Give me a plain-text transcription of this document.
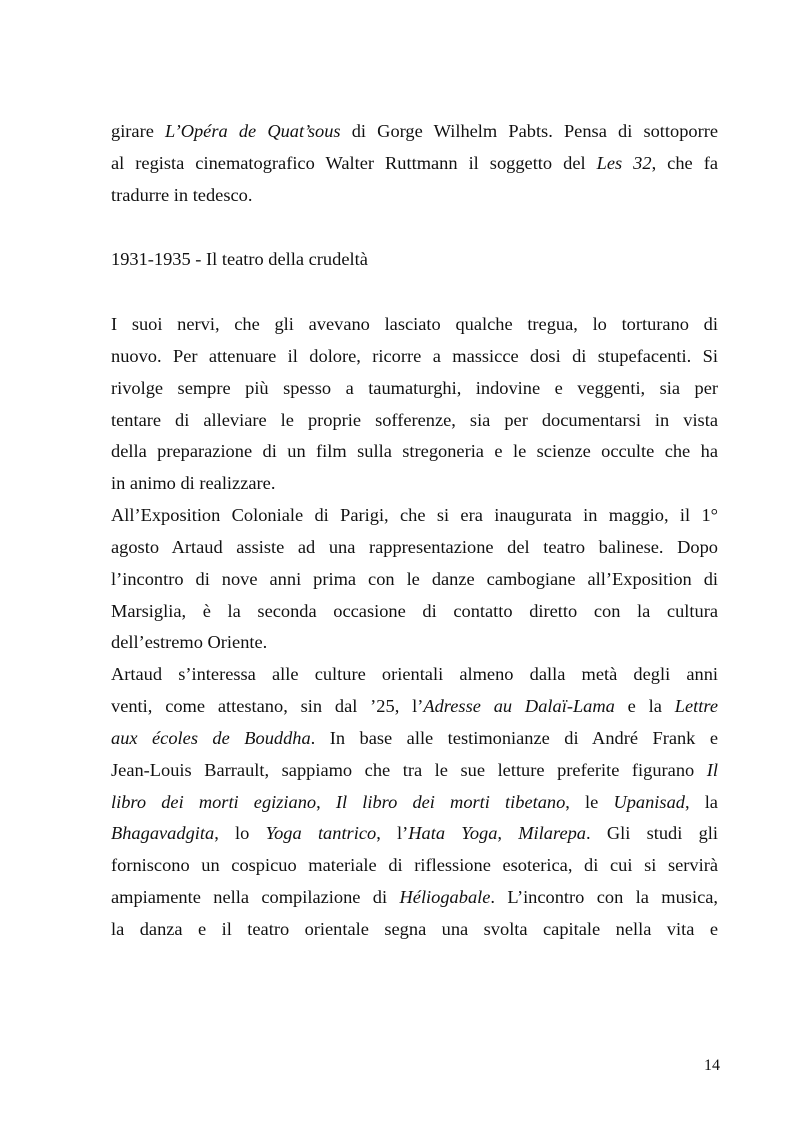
girare L’Opéra de Quat’sous di Gorge Wilhelm Pabts. Pensa di sottoporre
al regista cinematografico Walter Ruttmann il soggetto del Les 32, che fa
tradurre in tedesco.
1931-1935 - Il teatro della crudeltà
I suoi nervi, che gli avevano lasciato qualche tregua, lo torturano di
nuovo. Per attenuare il dolore, ricorre a massicce dosi di stupefacenti. Si
rivolge sempre più spesso a taumaturghi, indovine e veggenti, sia per
tentare di alleviare le proprie sofferenze, sia per documentarsi in vista
della preparazione di un film sulla stregoneria e le scienze occulte che ha
in animo di realizzare.
All’Exposition Coloniale di Parigi, che si era inaugurata in maggio, il 1°
agosto Artaud assiste ad una rappresentazione del teatro balinese. Dopo
l’incontro di nove anni prima con le danze cambogiane all’Exposition di
Marsiglia, è la seconda occasione di contatto diretto con la cultura
dell’estremo Oriente.
Artaud s’interessa alle culture orientali almeno dalla metà degli anni
venti, come attestano, sin dal ’25, l’Adresse au Dalaï-Lama e la Lettre
aux écoles de Bouddha. In base alle testimonianze di André Frank e
Jean-Louis Barrault, sappiamo che tra le sue letture preferite figurano Il
libro dei morti egiziano, Il libro dei morti tibetano, le Upanisad, la
Bhagavadgita, lo Yoga tantrico, l’Hata Yoga, Milarepa. Gli studi gli
forniscono un cospicuo materiale di riflessione esoterica, di cui si servirà
ampiamente nella compilazione di Héliogabale. L’incontro con la musica,
la danza e il teatro orientale segna una svolta capitale nella vita e
14
